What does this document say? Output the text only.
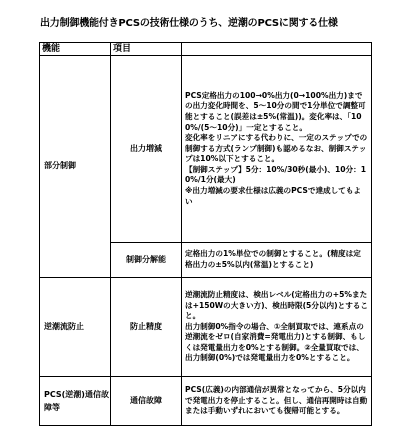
出力制御機能付きPCSの技術仕様のうち、逆潮のPCSに関する仕様
機能	項目	
部分制御	出力増減	PCS定格出力の100→0%出力(0→100%出力)までの出力変化時間を、5～10分の間で1分単位で調整可能とすること(誤差は±5%(常温))。変化率は、「100%/(5～10分)」一定とすること。

変化率をリニアにする代わりに、一定のステップでの制御する方式(ランプ制御)も認めるなお、制御ステップは10%以下とすること。

【制御ステップ】5分：10%/30秒(最小)、10分：10%/1分(最大)

※出力増減の要求仕様は広義のPCSで達成してもよい

	制御分解能	定格出力の1%単位での制御とすること。(精度は定格出力の±5%以内(常温)とすること)

逆潮流防止	防止精度	逆潮流防止精度は、検出レベル(定格出力の+5%または+150Wの大きい方)、検出時限(5分以内)とすること。

出力制御0%指令の場合、①全制買取では、連系点の逆潮流をゼロ(自家消費=発電出力)とする制御、もしくは発電量出力を0%とする制御。②全量買取では、出力制御(0%)では発電量出力を0%とすること。

PCS(逆潮)通信故障等	通信故障	PCS(広義)の内部通信が異常となってから、5分以内で発電出力を停止すること。但し、通信再開時は自動または手動いずれにおいても復帰可能とする。
